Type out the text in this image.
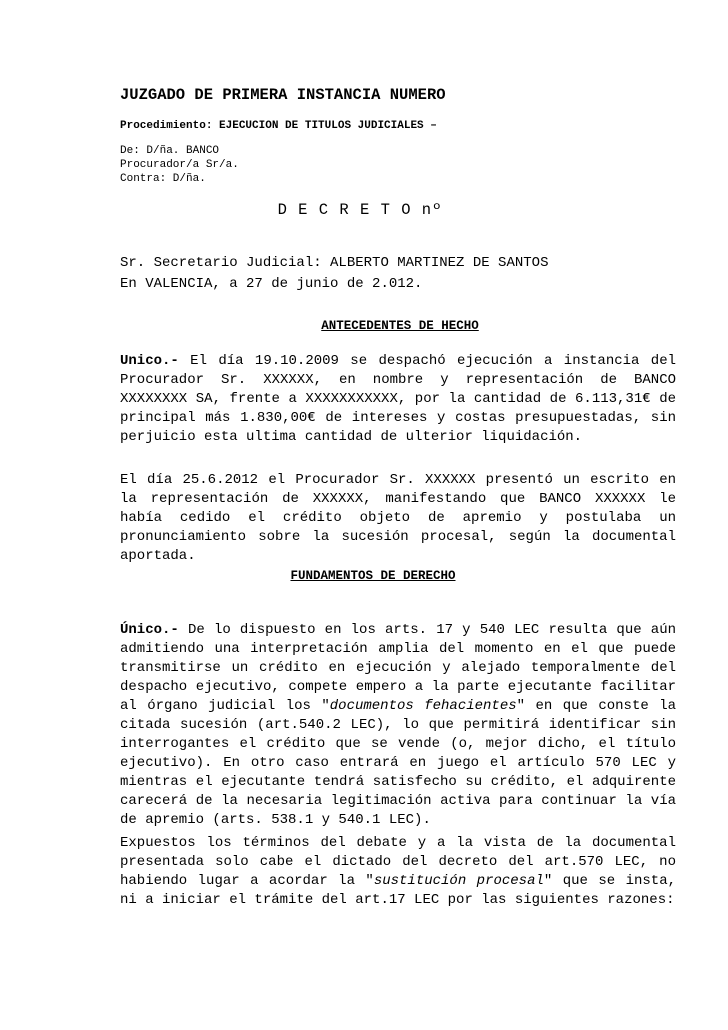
JUZGADO DE PRIMERA INSTANCIA NUMERO
Procedimiento: EJECUCION DE TITULOS JUDICIALES –
De: D/ña. BANCO
Procurador/a Sr/a.
Contra: D/ña.
D E C R E T O nº
Sr. Secretario Judicial: ALBERTO MARTINEZ DE SANTOS
En VALENCIA, a 27 de junio de 2.012.
ANTECEDENTES DE HECHO

Unico.- El día 19.10.2009 se despachó ejecución a instancia del Procurador Sr. XXXXXX, en nombre y representación de BANCO XXXXXXXX SA, frente a XXXXXXXXXXX, por la cantidad de 6.113,31€ de principal más 1.830,00€ de intereses y costas presupuestadas, sin perjuicio esta ultima cantidad de ulterior liquidación.

El día 25.6.2012 el Procurador Sr. XXXXXX presentó un escrito en la representación de XXXXXX, manifestando que BANCO XXXXXX le había cedido el crédito objeto de apremio y postulaba un pronunciamiento sobre la sucesión procesal, según la documental aportada.

FUNDAMENTOS DE DERECHO

Único.- De lo dispuesto en los arts. 17 y 540 LEC resulta que aún admitiendo una interpretación amplia del momento en el que puede transmitirse un crédito en ejecución y alejado temporalmente del despacho ejecutivo, compete empero a la parte ejecutante facilitar al órgano judicial los "documentos fehacientes" en que conste la citada sucesión (art.540.2 LEC), lo que permitirá identificar sin interrogantes el crédito que se vende (o, mejor dicho, el título ejecutivo). En otro caso entrará en juego el artículo 570 LEC y mientras el ejecutante tendrá satisfecho su crédito, el adquirente carecerá de la necesaria legitimación activa para continuar la vía de apremio (arts. 538.1 y 540.1 LEC).

Expuestos los términos del debate y a la vista de la documental presentada solo cabe el dictado del decreto del art.570 LEC, no habiendo lugar a acordar la "sustitución procesal" que se insta, ni a iniciar el trámite del art.17 LEC por las siguientes razones:
